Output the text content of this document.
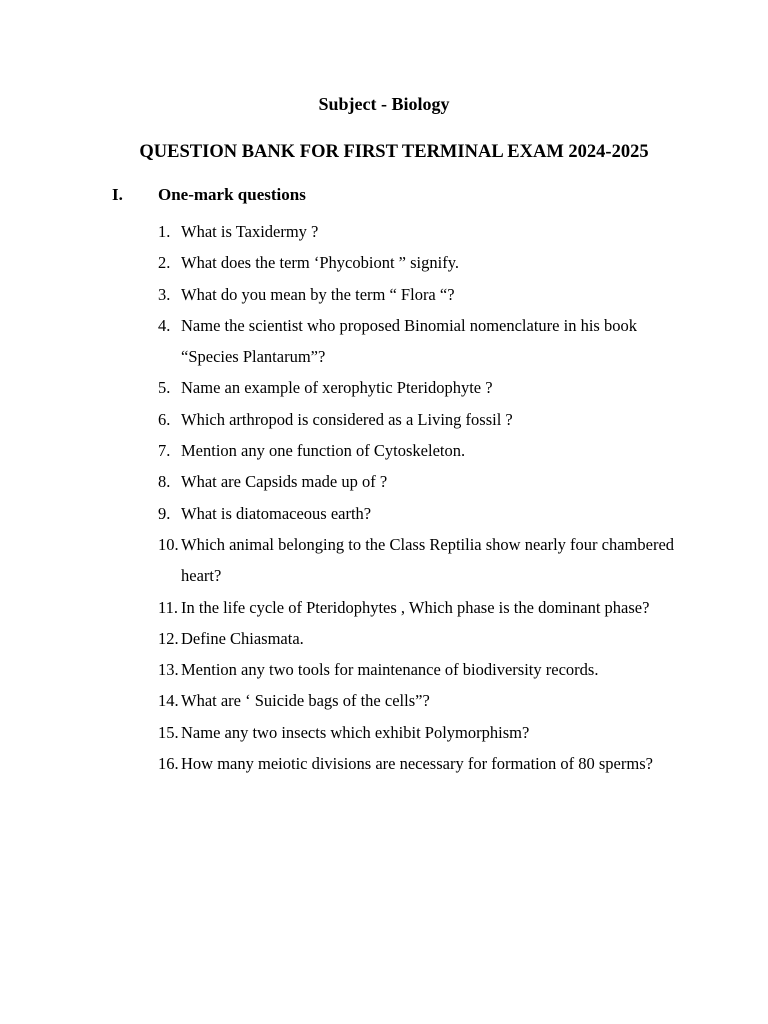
Subject - Biology
QUESTION BANK FOR FIRST TERMINAL EXAM 2024-2025
I. One-mark questions
1. What is Taxidermy ?
2. What does the term ‘Phycobiont ” signify.
3. What do you mean by the term “ Flora “?
4. Name the scientist who proposed Binomial nomenclature in his book “Species Plantarum”?
5. Name an example of xerophytic Pteridophyte ?
6. Which arthropod is considered as a Living fossil ?
7. Mention any one function of Cytoskeleton.
8. What are Capsids made up of ?
9. What is diatomaceous earth?
10. Which animal belonging to the Class Reptilia show nearly four chambered heart?
11. In the life cycle of Pteridophytes , Which phase is the dominant phase?
12. Define Chiasmata.
13. Mention any two tools for maintenance of biodiversity records.
14. What are ‘ Suicide bags of the cells”?
15. Name any two insects which exhibit Polymorphism?
16. How many meiotic divisions are necessary for formation of 80 sperms?
